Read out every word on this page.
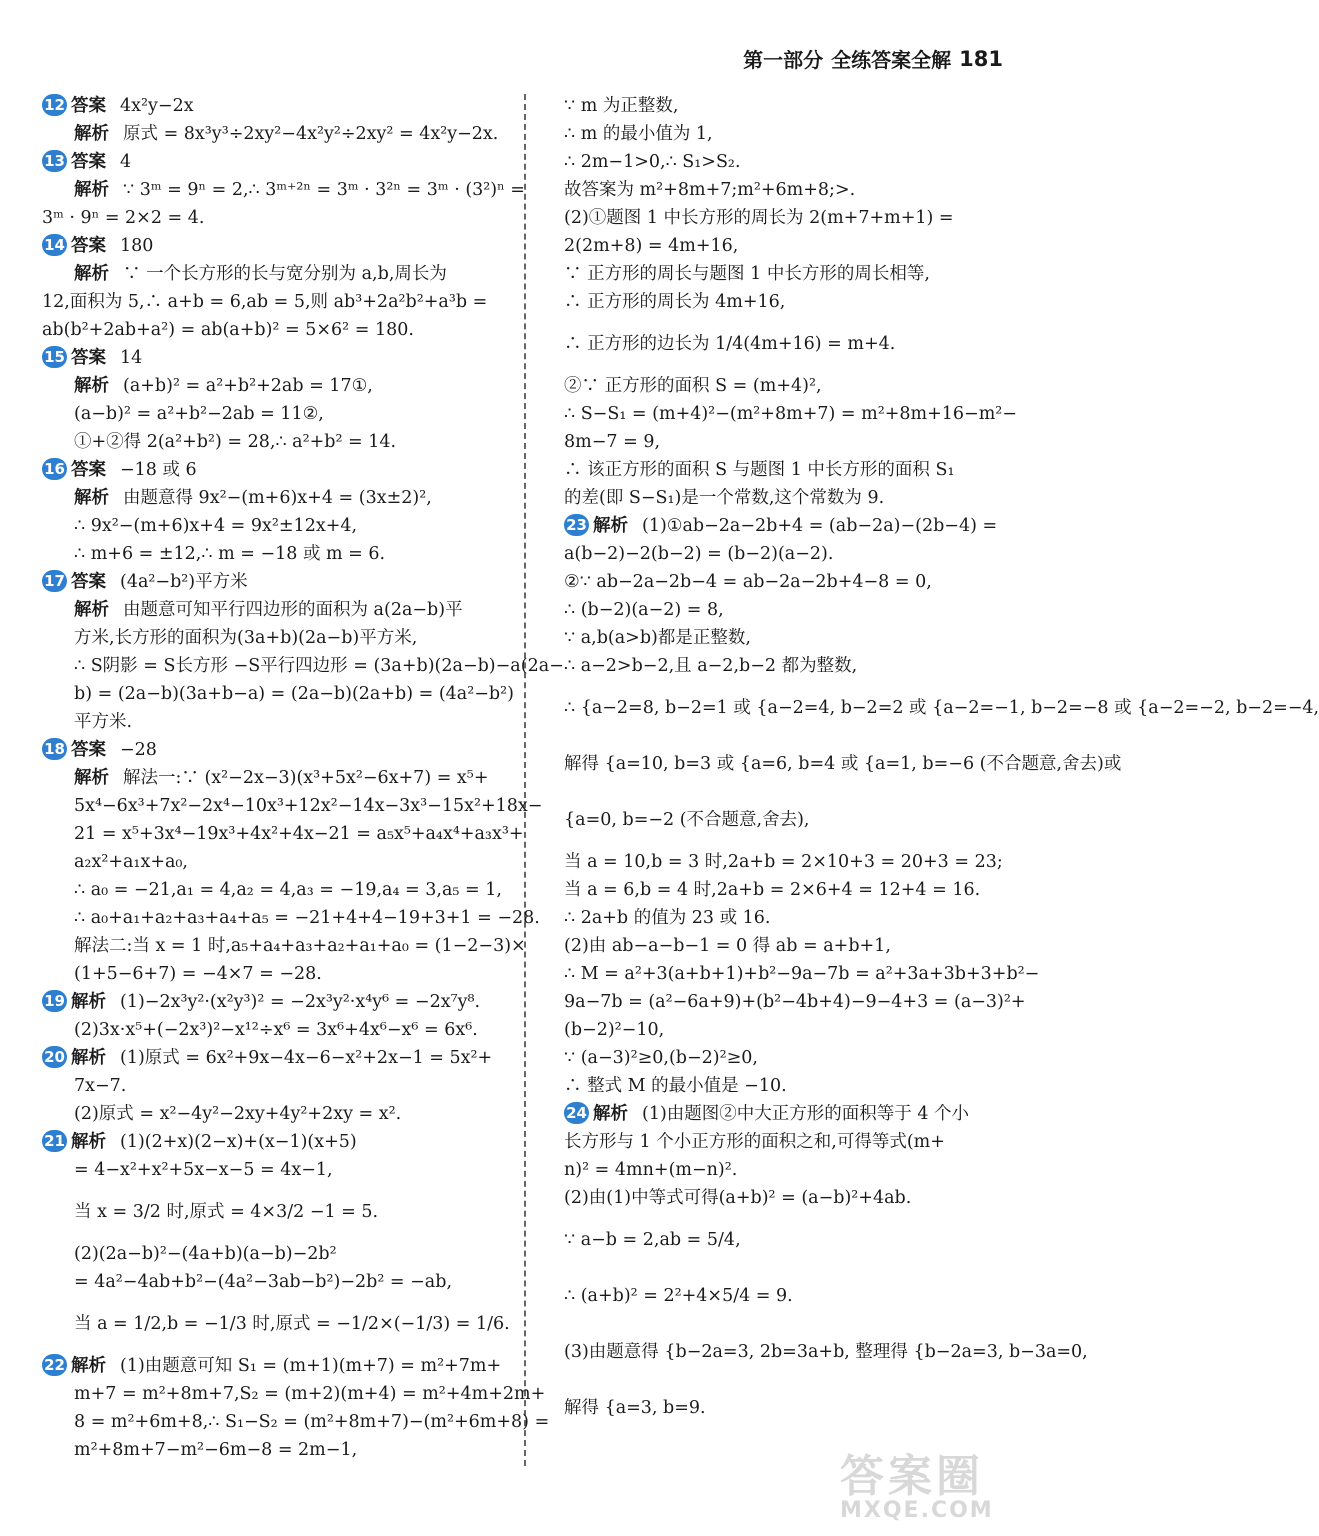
第一部分 全练答案全解 181
12 答案 4x²y−2x
解析 原式 = 8x³y³÷2xy²−4x²y²÷2xy² = 4x²y−2x.
13 答案 4
解析 ∵ 3ᵐ = 9ⁿ = 2,∴ 3ᵐ⁺²ⁿ = 3ᵐ · 3²ⁿ = 3ᵐ · (3²)ⁿ =
3ᵐ · 9ⁿ = 2×2 = 4.
14 答案 180
解析 ∵ 一个长方形的长与宽分别为 a,b,周长为
12,面积为 5,∴ a+b = 6,ab = 5,则 ab³+2a²b²+a³b =
ab(b²+2ab+a²) = ab(a+b)² = 5×6² = 180.
15 答案 14
解析 (a+b)² = a²+b²+2ab = 17①,
(a−b)² = a²+b²−2ab = 11②,
①+②得 2(a²+b²) = 28,∴ a²+b² = 14.
16 答案 −18 或 6
解析 由题意得 9x²−(m+6)x+4 = (3x±2)²,
∴ 9x²−(m+6)x+4 = 9x²±12x+4,
∴ m+6 = ±12,∴ m = −18 或 m = 6.
17 答案 (4a²−b²)平方米
解析 由题意可知平行四边形的面积为 a(2a−b)平
方米,长方形的面积为(3a+b)(2a−b)平方米,
∴ S阴影 = S长方形 −S平行四边形 = (3a+b)(2a−b)−a(2a−
b) = (2a−b)(3a+b−a) = (2a−b)(2a+b) = (4a²−b²)
平方米.
18 答案 −28
解析 解法一:∵ (x²−2x−3)(x³+5x²−6x+7) = x⁵+
5x⁴−6x³+7x²−2x⁴−10x³+12x²−14x−3x³−15x²+18x−
21 = x⁵+3x⁴−19x³+4x²+4x−21 = a₅x⁵+a₄x⁴+a₃x³+
a₂x²+a₁x+a₀,
∴ a₀ = −21,a₁ = 4,a₂ = 4,a₃ = −19,a₄ = 3,a₅ = 1,
∴ a₀+a₁+a₂+a₃+a₄+a₅ = −21+4+4−19+3+1 = −28.
解法二:当 x = 1 时,a₅+a₄+a₃+a₂+a₁+a₀ = (1−2−3)×
(1+5−6+7) = −4×7 = −28.
19 解析 (1)−2x³y²·(x²y³)² = −2x³y²·x⁴y⁶ = −2x⁷y⁸.
(2)3x·x⁵+(−2x³)²−x¹²÷x⁶ = 3x⁶+4x⁶−x⁶ = 6x⁶.
20 解析 (1)原式 = 6x²+9x−4x−6−x²+2x−1 = 5x²+
7x−7.
(2)原式 = x²−4y²−2xy+4y²+2xy = x².
21 解析 (1)(2+x)(2−x)+(x−1)(x+5)
= 4−x²+x²+5x−x−5 = 4x−1,
当 x = 3/2 时,原式 = 4×3/2 −1 = 5.
(2)(2a−b)²−(4a+b)(a−b)−2b²
= 4a²−4ab+b²−(4a²−3ab−b²)−2b² = −ab,
当 a = 1/2,b = −1/3 时,原式 = −1/2×(−1/3) = 1/6.
22 解析 (1)由题意可知 S₁ = (m+1)(m+7) = m²+7m+
m+7 = m²+8m+7,S₂ = (m+2)(m+4) = m²+4m+2m+
8 = m²+6m+8,∴ S₁−S₂ = (m²+8m+7)−(m²+6m+8) =
m²+8m+7−m²−6m−8 = 2m−1,
∵ m 为正整数,
∴ m 的最小值为 1,
∴ 2m−1>0,∴ S₁>S₂.
故答案为 m²+8m+7;m²+6m+8;>.
(2)①题图 1 中长方形的周长为 2(m+7+m+1) =
2(2m+8) = 4m+16,
∵ 正方形的周长与题图 1 中长方形的周长相等,
∴ 正方形的周长为 4m+16,
∴ 正方形的边长为 1/4(4m+16) = m+4.
②∵ 正方形的面积 S = (m+4)²,
∴ S−S₁ = (m+4)²−(m²+8m+7) = m²+8m+16−m²−
8m−7 = 9,
∴ 该正方形的面积 S 与题图 1 中长方形的面积 S₁
的差(即 S−S₁)是一个常数,这个常数为 9.
23 解析 (1)①ab−2a−2b+4 = (ab−2a)−(2b−4) =
a(b−2)−2(b−2) = (b−2)(a−2).
②∵ ab−2a−2b−4 = ab−2a−2b+4−8 = 0,
∴ (b−2)(a−2) = 8,
∵ a,b(a>b)都是正整数,
∴ a−2>b−2,且 a−2,b−2 都为整数,
∴ {a−2=8, b−2=1 或 {a−2=4, b−2=2 或 {a−2=−1, b−2=−8 或 {a−2=−2, b−2=−4,
解得 {a=10, b=3 或 {a=6, b=4 或 {a=1, b=−6 (不合题意,舍去)或
{a=0, b=−2 (不合题意,舍去),
当 a = 10,b = 3 时,2a+b = 2×10+3 = 20+3 = 23;
当 a = 6,b = 4 时,2a+b = 2×6+4 = 12+4 = 16.
∴ 2a+b 的值为 23 或 16.
(2)由 ab−a−b−1 = 0 得 ab = a+b+1,
∴ M = a²+3(a+b+1)+b²−9a−7b = a²+3a+3b+3+b²−
9a−7b = (a²−6a+9)+(b²−4b+4)−9−4+3 = (a−3)²+
(b−2)²−10,
∵ (a−3)²≥0,(b−2)²≥0,
∴ 整式 M 的最小值是 −10.
24 解析 (1)由题图②中大正方形的面积等于 4 个小
长方形与 1 个小正方形的面积之和,可得等式(m+
n)² = 4mn+(m−n)².
(2)由(1)中等式可得(a+b)² = (a−b)²+4ab.
∵ a−b = 2,ab = 5/4,
∴ (a+b)² = 2²+4×5/4 = 9.
(3)由题意得 {b−2a=3, 2b=3a+b, 整理得 {b−2a=3, b−3a=0,
解得 {a=3, b=9.
答案圈
MXQE.COM
